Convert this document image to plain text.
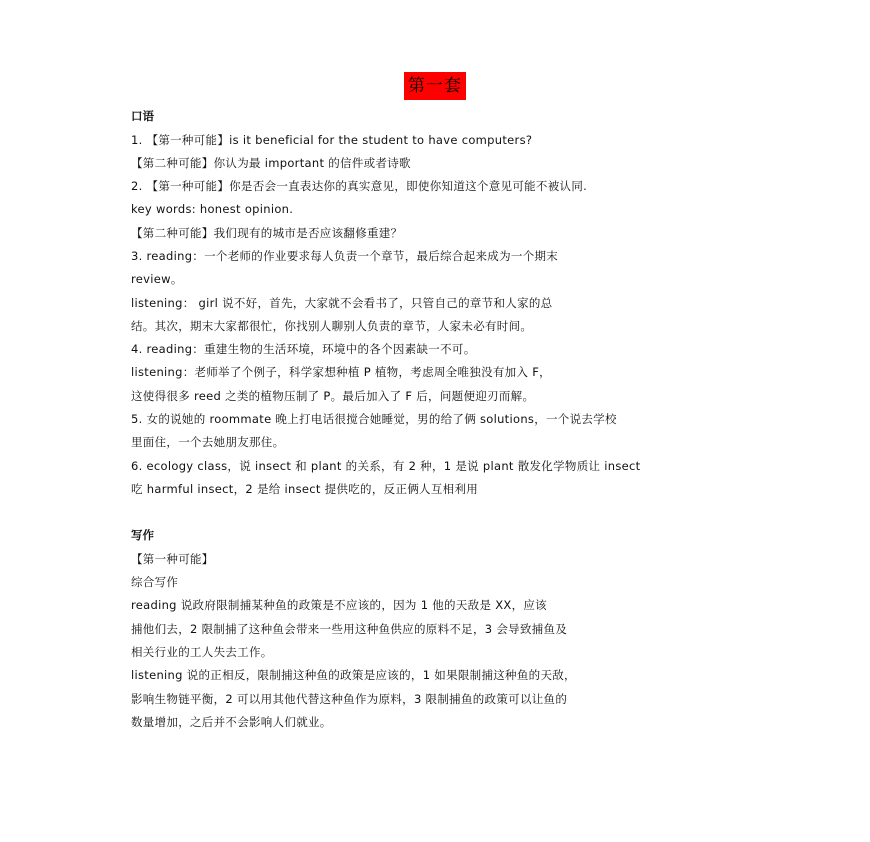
第一套
口语
1. 【第一种可能】is it beneficial for the student to have computers?
【第二种可能】你认为最 important 的信件或者诗歌
2. 【第一种可能】你是否会一直表达你的真实意见，即使你知道这个意见可能不被认同.
key words: honest opinion.
【第二种可能】我们现有的城市是否应该翻修重建？
3. reading：一个老师的作业要求每人负责一个章节，最后综合起来成为一个期末
review。
listening： girl 说不好，首先，大家就不会看书了，只管自己的章节和人家的总
结。其次，期末大家都很忙，你找别人聊别人负责的章节，人家未必有时间。
4. reading：重建生物的生活环境，环境中的各个因素缺一不可。
listening：老师举了个例子，科学家想种植 P 植物，考虑周全唯独没有加入 F，
这使得很多 reed 之类的植物压制了 P。最后加入了 F 后，问题便迎刃而解。
5. 女的说她的 roommate 晚上打电话很搅合她睡觉，男的给了俩 solutions，一个说去学校
里面住，一个去她朋友那住。
6. ecology class，说 insect 和 plant 的关系，有 2 种，1 是说 plant 散发化学物质让 insect
吃 harmful insect，2 是给 insect 提供吃的，反正俩人互相利用
写作
【第一种可能】
综合写作
reading 说政府限制捕某种鱼的政策是不应该的，因为 1 他的天敌是 XX，应该
捕他们去，2 限制捕了这种鱼会带来一些用这种鱼供应的原料不足，3 会导致捕鱼及
相关行业的工人失去工作。
listening 说的正相反，限制捕这种鱼的政策是应该的，1 如果限制捕这种鱼的天敌，
影响生物链平衡，2 可以用其他代替这种鱼作为原料，3 限制捕鱼的政策可以让鱼的
数量增加，之后并不会影响人们就业。
